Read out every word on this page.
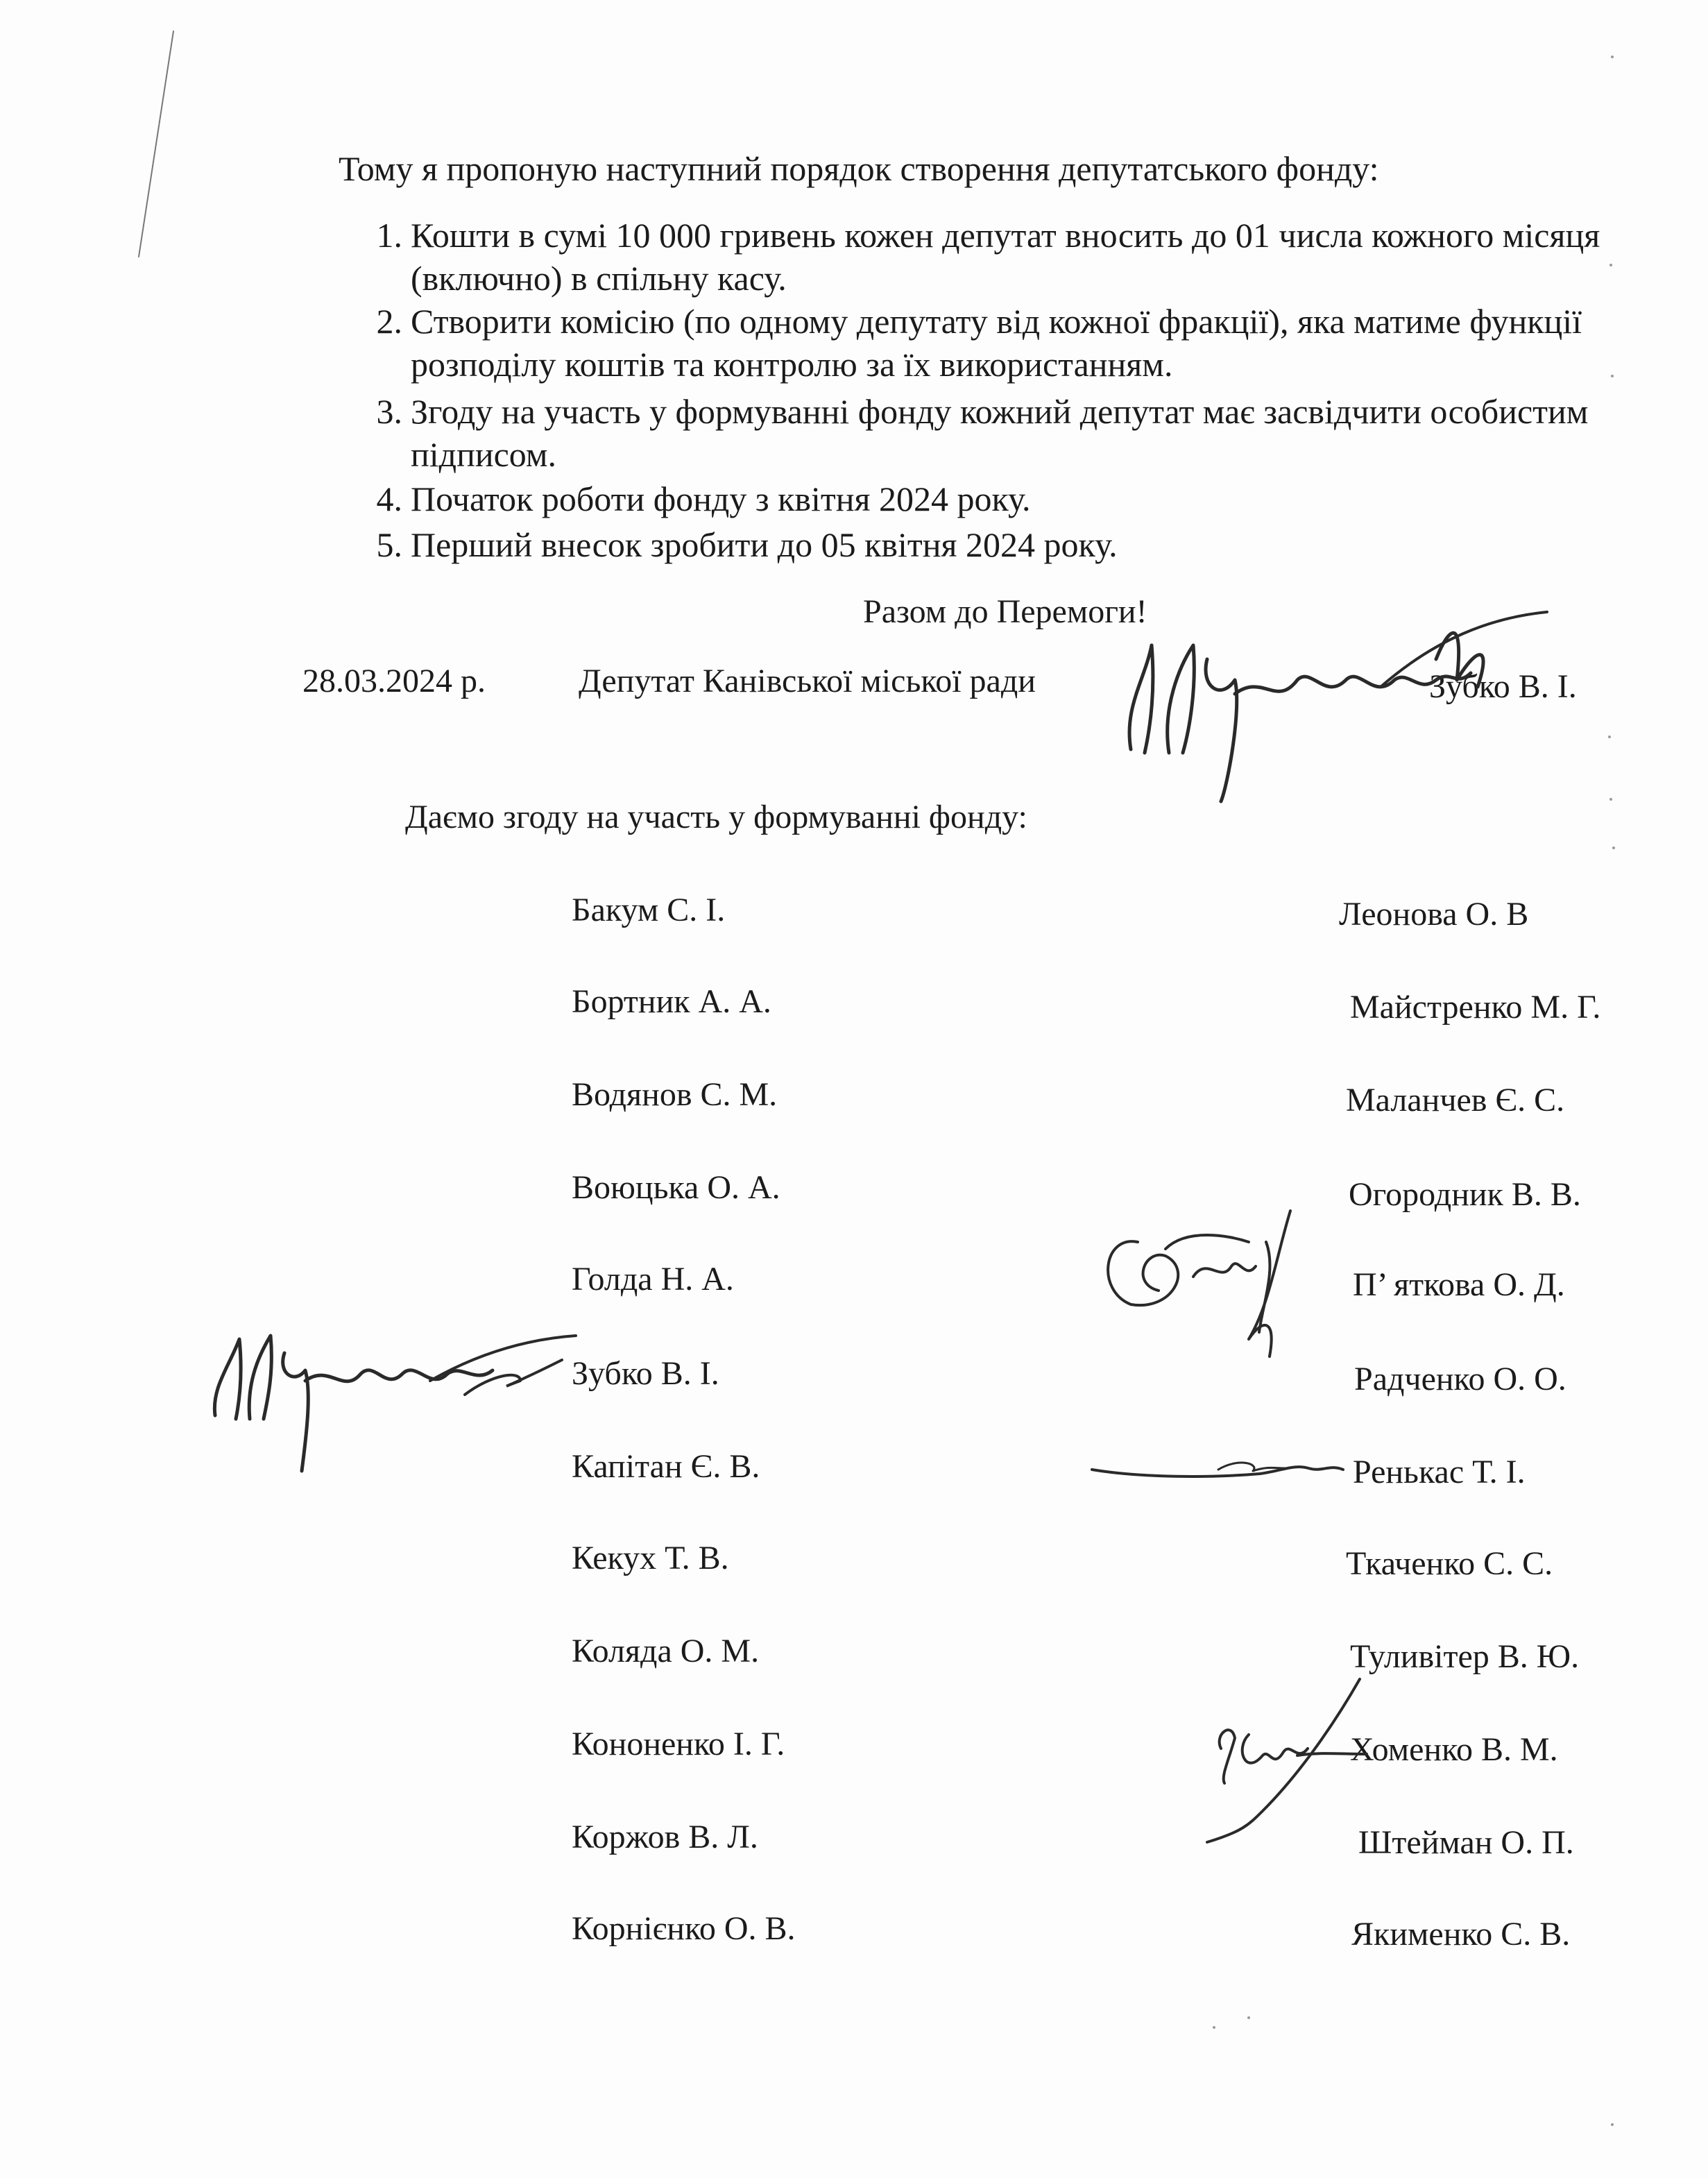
Тому я пропоную наступний порядок створення депутатського фонду:
1. Кошти в сумі 10 000 гривень кожен депутат вносить до 01 числа кожного місяця (включно) в спільну касу.
2. Створити комісію (по одному депутату від кожної фракції), яка матиме функції розподілу коштів та контролю за їх використанням.
3. Згоду на участь у формуванні фонду кожний депутат має засвідчити особистим підписом.
4. Початок роботи фонду з квітня 2024 року.
5. Перший внесок зробити до 05 квітня 2024 року.
Разом до Перемоги!
28.03.2024 р.	Депутат Канівської міської ради	Зубко В. І.
Даємо згоду на участь у формуванні фонду:
Бакум С. І.
Бортник А. А.
Водянов С. М.
Воюцька О. А.
Голда Н. А.
Зубко В. І.
Капітан Є. В.
Кекух Т. В.
Коляда О. М.
Кононенко І. Г.
Коржов В. Л.
Корнієнко О. В.
Леонова О. В
Майстренко М. Г.
Маланчев Є. С.
Огородник В. В.
П’ яткова О. Д.
Радченко О. О.
Ренькас Т. І.
Ткаченко С. С.
Туливітер В. Ю.
Хоменко В. М.
Штейман О. П.
Якименко С. В.
